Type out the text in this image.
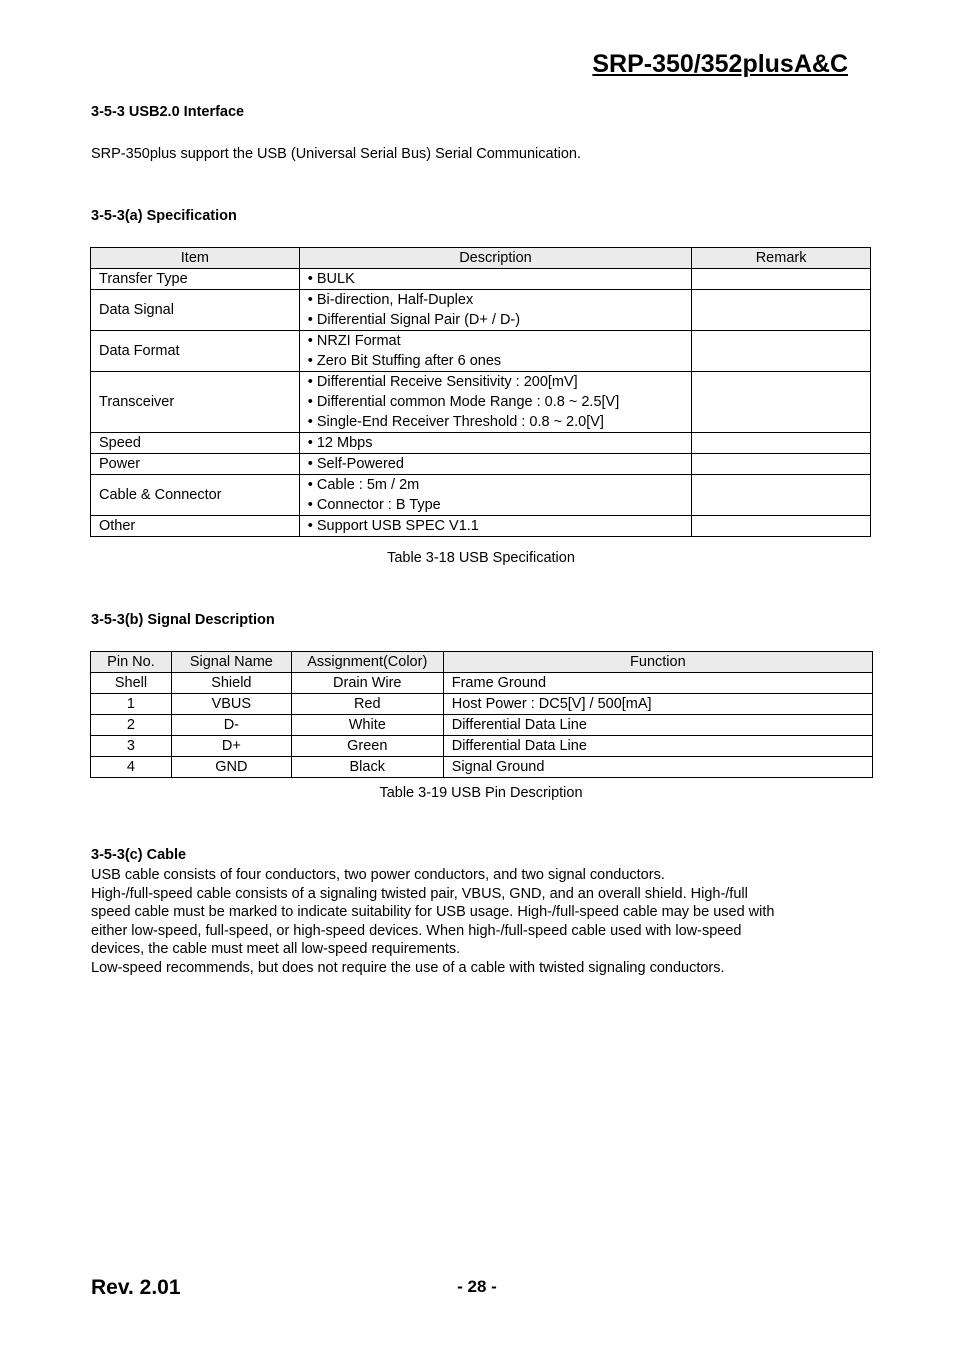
SRP-350/352plusA&C
3-5-3 USB2.0 Interface
SRP-350plus support the USB (Universal Serial Bus) Serial Communication.
3-5-3(a) Specification
Item	Description	Remark
Transfer Type	• BULK	

Data Signal	• Bi-direction, Half-Duplex
• Differential Signal Pair (D+ / D-)	

Data Format	• NRZI Format
• Zero Bit Stuffing after 6 ones	

Transceiver	• Differential Receive Sensitivity : 200[mV]
• Differential common Mode Range : 0.8 ~ 2.5[V]
• Single-End Receiver Threshold : 0.8 ~ 2.0[V]	

Speed	• 12 Mbps	

Power	• Self-Powered	

Cable & Connector	• Cable : 5m / 2m
• Connector : B Type	

Other	• Support USB SPEC V1.1	

Table 3-18 USB Specification
3-5-3(b) Signal Description
Pin No.	Signal Name	Assignment(Color)	Function
Shell	Shield	Drain Wire	Frame Ground
1	VBUS	Red	Host Power : DC5[V] / 500[mA]
2	D-	White	Differential Data Line
3	D+	Green	Differential Data Line
4	GND	Black	Signal Ground
Table 3-19 USB Pin Description
3-5-3(c) Cable
USB cable consists of four conductors, two power conductors, and two signal conductors.
High-/full-speed cable consists of a signaling twisted pair, VBUS, GND, and an overall shield. High-/full
speed cable must be marked to indicate suitability for USB usage. High-/full-speed cable may be used with
either low-speed, full-speed, or high-speed devices. When high-/full-speed cable used with low-speed
devices, the cable must meet all low-speed requirements.
Low-speed recommends, but does not require the use of a cable with twisted signaling conductors.
Rev. 2.01	- 28 -
